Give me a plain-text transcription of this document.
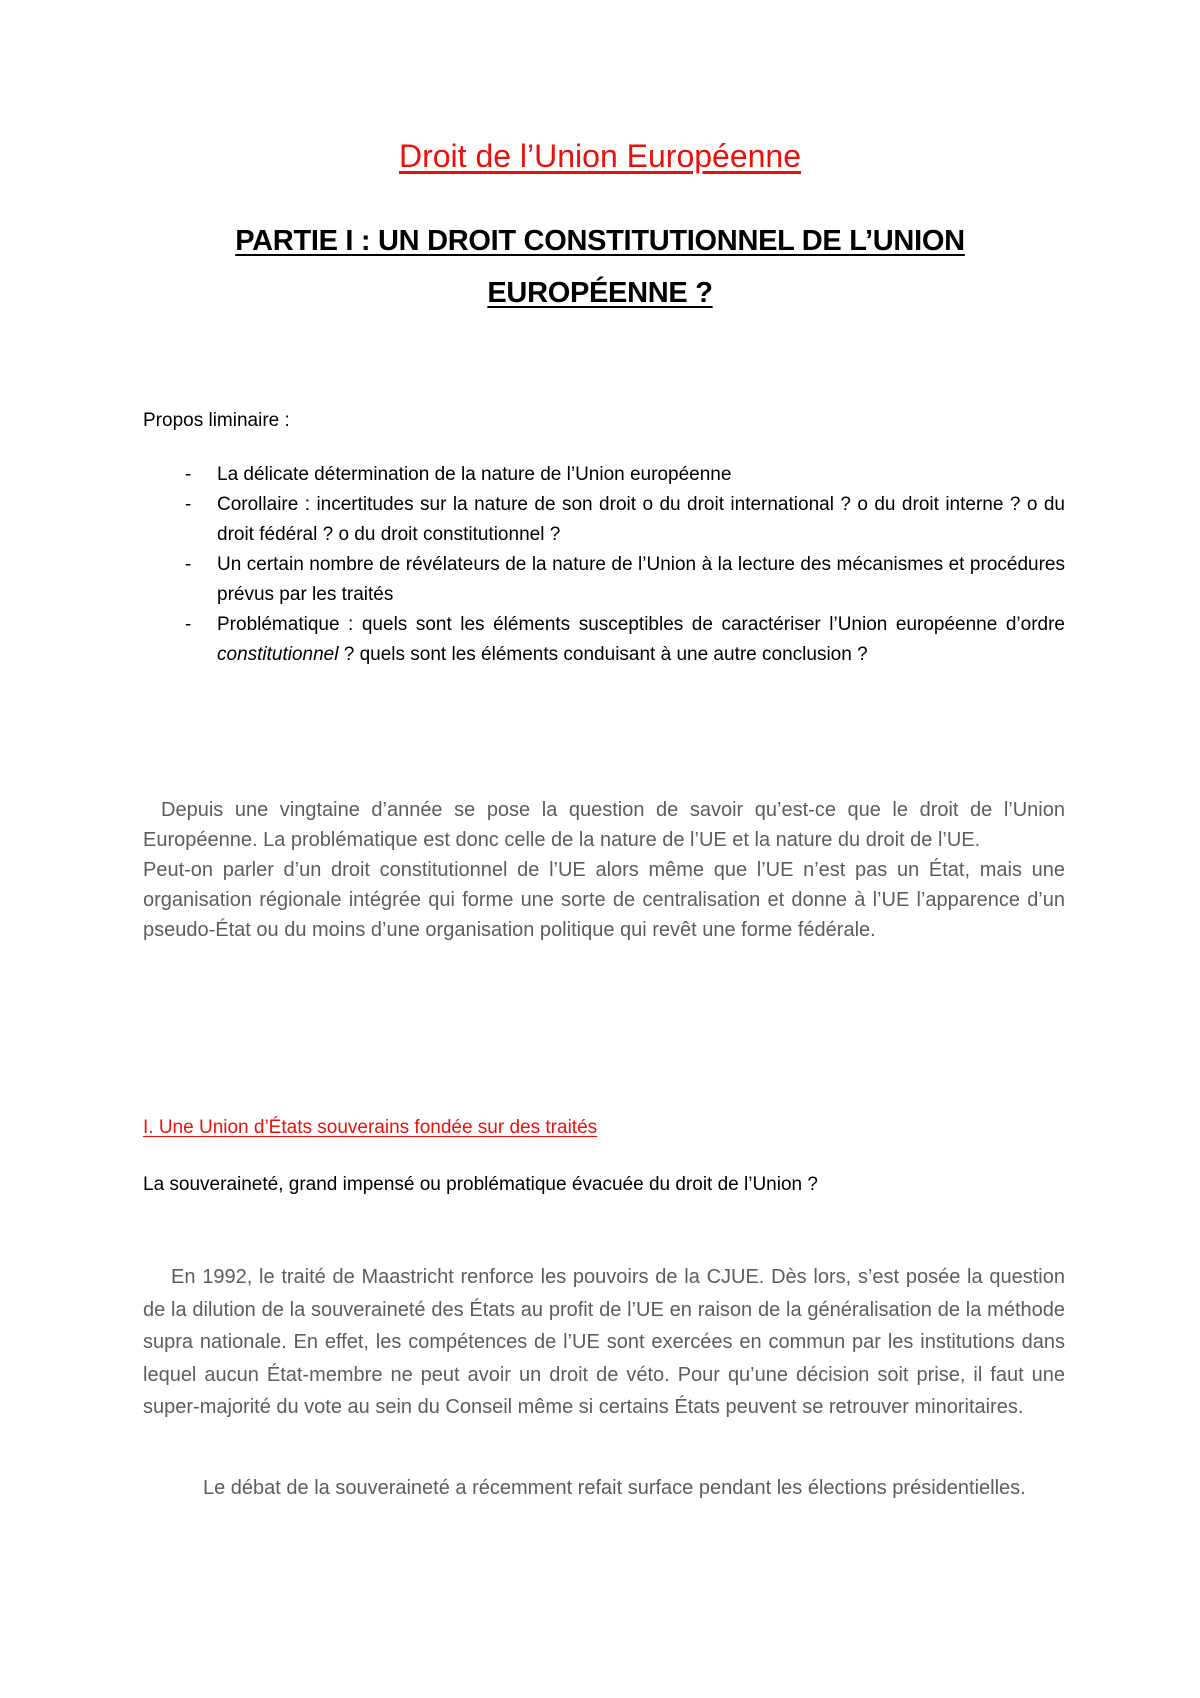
Droit de l’Union Européenne
PARTIE I : UN DROIT CONSTITUTIONNEL DE L’UNION EUROPÉENNE ?

Propos liminaire :

- La délicate détermination de la nature de l’Union européenne
- Corollaire : incertitudes sur la nature de son droit o du droit international ? o du droit interne ? o du droit fédéral ? o du droit constitutionnel ?
- Un certain nombre de révélateurs de la nature de l’Union à la lecture des mécanismes et procédures prévus par les traités
- Problématique : quels sont les éléments susceptibles de caractériser l’Union européenne d’ordre constitutionnel ? quels sont les éléments conduisant à une autre conclusion ?
Depuis une vingtaine d’année se pose la question de savoir qu’est-ce que le droit de l’Union Européenne. La problématique est donc celle de la nature de l’UE et la nature du droit de l’UE.
Peut-on parler d’un droit constitutionnel de l’UE alors même que l’UE n’est pas un État, mais une organisation régionale intégrée qui forme une sorte de centralisation et donne à l’UE l’apparence d’un pseudo-État ou du moins d’une organisation politique qui revêt une forme fédérale.
I. Une Union d’États souverains fondée sur des traités
La souveraineté, grand impensé ou problématique évacuée du droit de l’Union ?

En 1992, le traité de Maastricht renforce les pouvoirs de la CJUE. Dès lors, s’est posée la question de la dilution de la souveraineté des États au profit de l’UE en raison de la généralisation de la méthode supra nationale. En effet, les compétences de l’UE sont exercées en commun par les institutions dans lequel aucun État-membre ne peut avoir un droit de véto. Pour qu’une décision soit prise, il faut une super-majorité du vote au sein du Conseil même si certains États peuvent se retrouver minoritaires.

Le débat de la souveraineté a récemment refait surface pendant les élections présidentielles.
